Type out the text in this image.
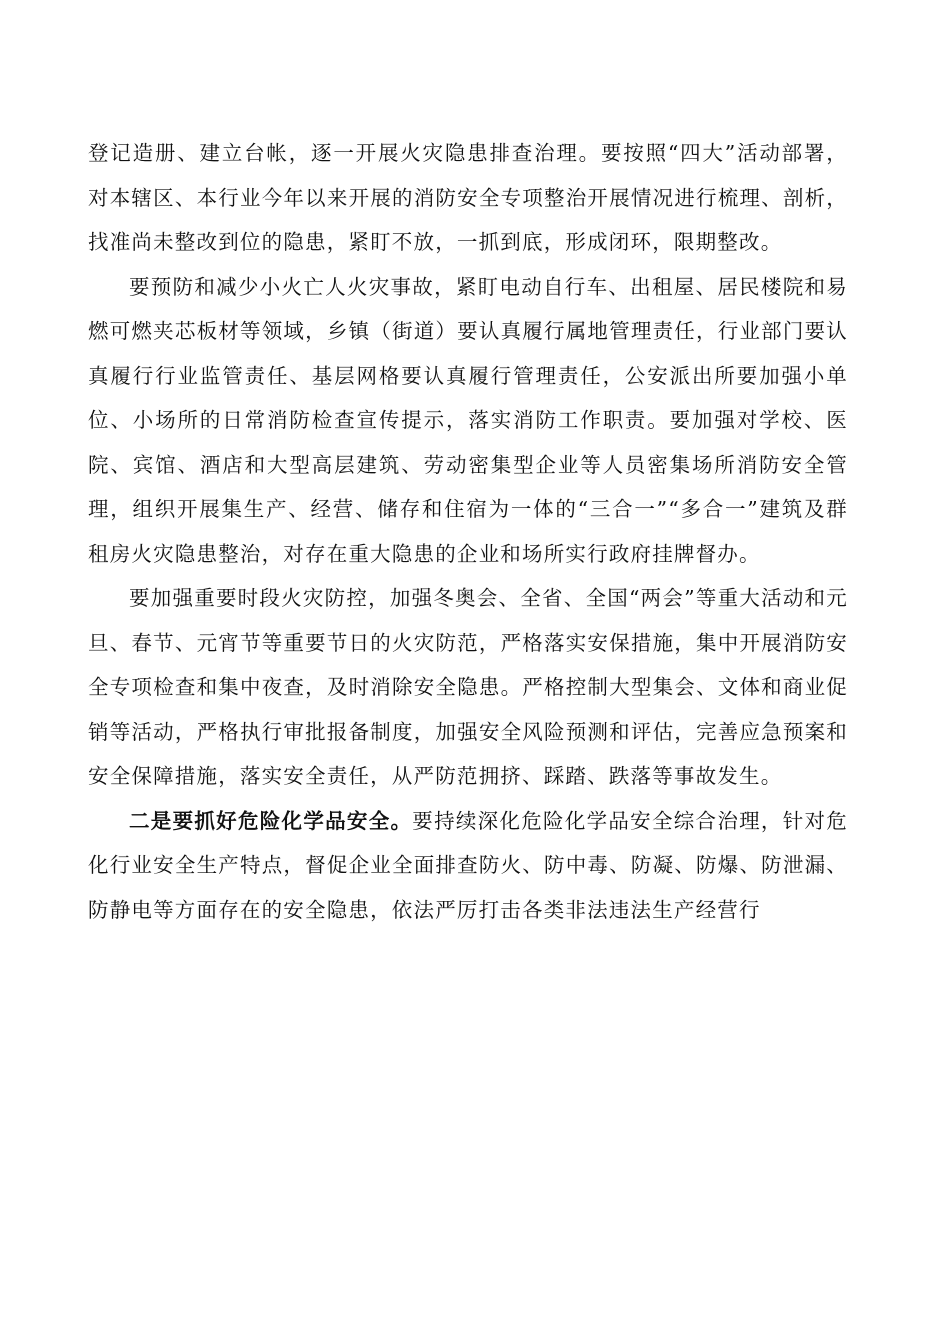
登记造册、建立台帐，逐一开展火灾隐患排查治理。要按照“四大”活动部署，对本辖区、本行业今年以来开展的消防安全专项整治开展情况进行梳理、剖析，找准尚未整改到位的隐患，紧盯不放，一抓到底，形成闭环，限期整改。

要预防和减少小火亡人火灾事故，紧盯电动自行车、出租屋、居民楼院和易燃可燃夹芯板材等领域，乡镇（街道）要认真履行属地管理责任，行业部门要认真履行行业监管责任、基层网格要认真履行管理责任，公安派出所要加强小单位、小场所的日常消防检查宣传提示，落实消防工作职责。要加强对学校、医院、宾馆、酒店和大型高层建筑、劳动密集型企业等人员密集场所消防安全管理，组织开展集生产、经营、储存和住宿为一体的“三合一”“多合一”建筑及群租房火灾隐患整治，对存在重大隐患的企业和场所实行政府挂牌督办。

要加强重要时段火灾防控，加强冬奥会、全省、全国“两会”等重大活动和元旦、春节、元宵节等重要节日的火灾防范，严格落实安保措施，集中开展消防安全专项检查和集中夜查，及时消除安全隐患。严格控制大型集会、文体和商业促销等活动，严格执行审批报备制度，加强安全风险预测和评估，完善应急预案和安全保障措施，落实安全责任，从严防范拥挤、踩踏、跌落等事故发生。

二是要抓好危险化学品安全。要持续深化危险化学品安全综合治理，针对危化行业安全生产特点，督促企业全面排查防火、防中毒、防凝、防爆、防泄漏、防静电等方面存在的安全隐患，依法严厉打击各类非法违法生产经营行
